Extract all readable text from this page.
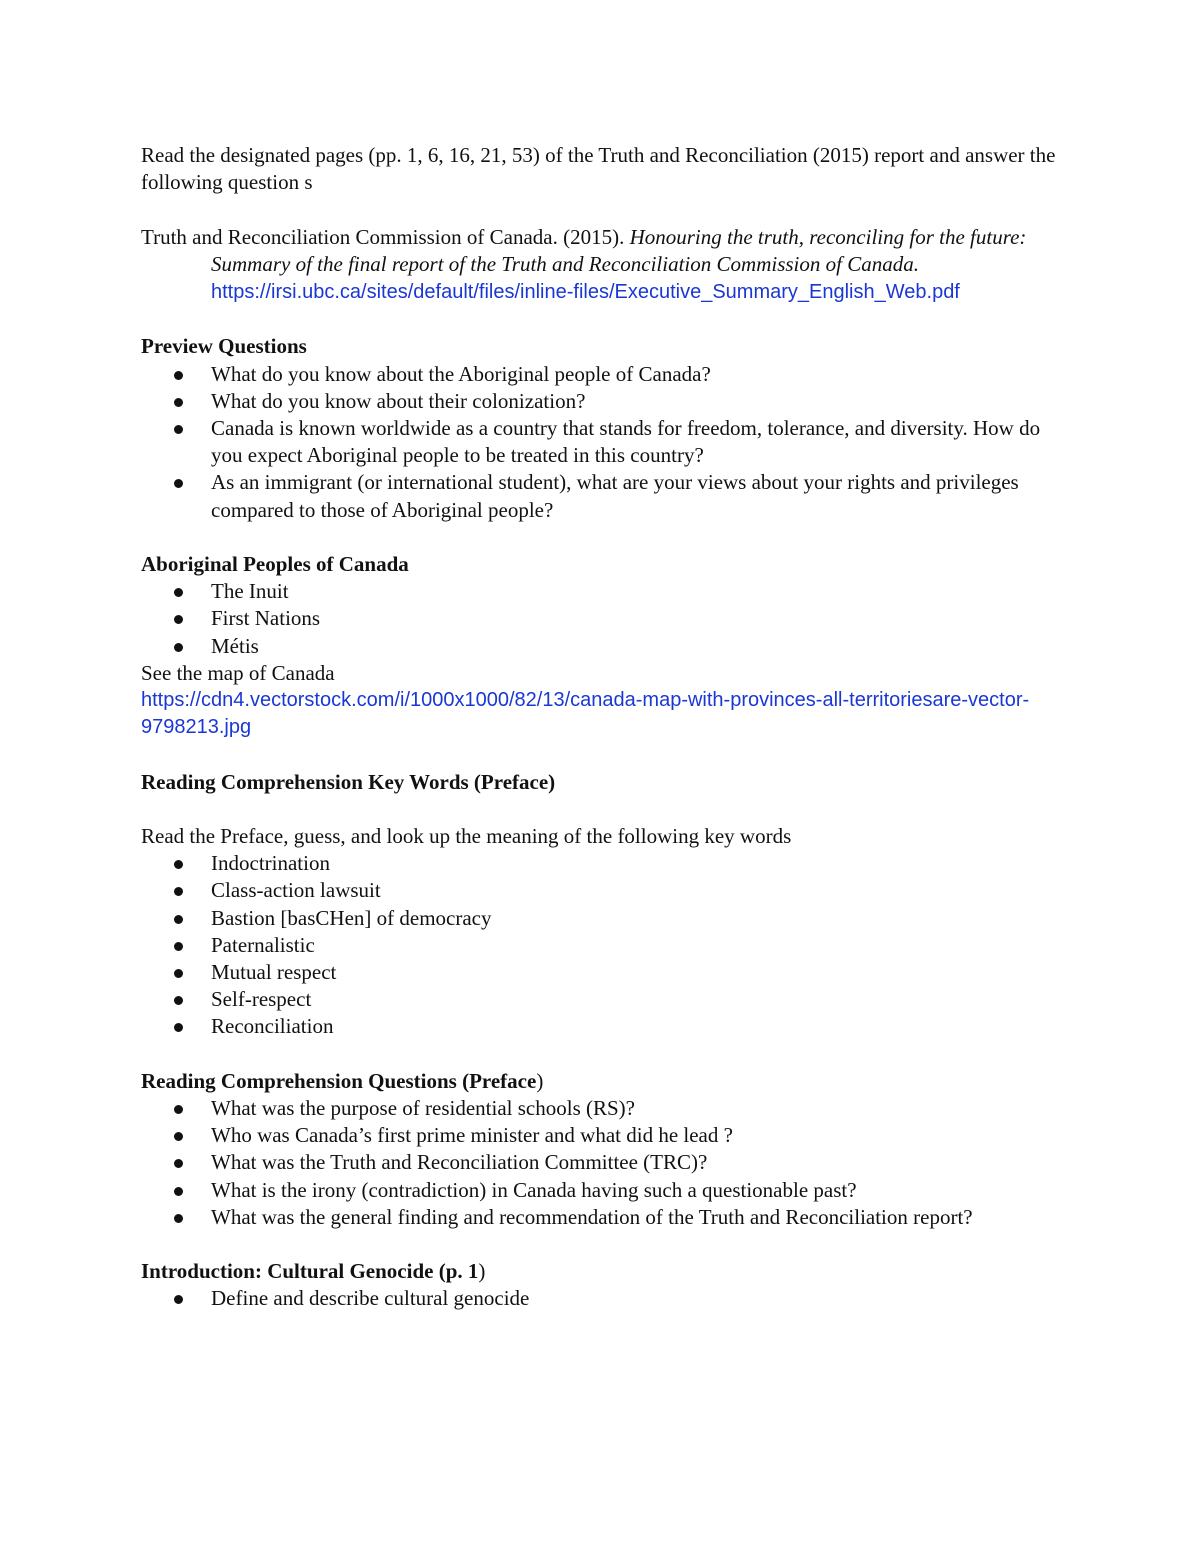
Read the designated pages (pp. 1, 6, 16, 21, 53) of the Truth and Reconciliation (2015) report and answer the following question s

Truth and Reconciliation Commission of Canada. (2015). Honouring the truth, reconciling for the future: Summary of the final report of the Truth and Reconciliation Commission of Canada. https://irsi.ubc.ca/sites/default/files/inline-files/Executive_Summary_English_Web.pdf

Preview Questions

What do you know about the Aboriginal people of Canada?
What do you know about their colonization?
Canada is known worldwide as a country that stands for freedom, tolerance, and diversity. How do you expect Aboriginal people to be treated in this country?
As an immigrant (or international student), what are your views about your rights and privileges compared to those of Aboriginal people?

Aboriginal Peoples of Canada

The Inuit
First Nations
Métis

See the map of Canada

https://cdn4.vectorstock.com/i/1000x1000/82/13/canada-map-with-provinces-all-territoriesare-vector-9798213.jpg

Reading Comprehension Key Words (Preface)

Read the Preface, guess, and look up the meaning of the following key words

Indoctrination
Class-action lawsuit
Bastion [basCHen] of democracy
Paternalistic
Mutual respect
Self-respect
Reconciliation

Reading Comprehension Questions (Preface)

What was the purpose of residential schools (RS)?
Who was Canada’s first prime minister and what did he lead ?
What was the Truth and Reconciliation Committee (TRC)?
What is the irony (contradiction) in Canada having such a questionable past?
What was the general finding and recommendation of the Truth and Reconciliation report?

Introduction: Cultural Genocide (p. 1)

Define and describe cultural genocide
